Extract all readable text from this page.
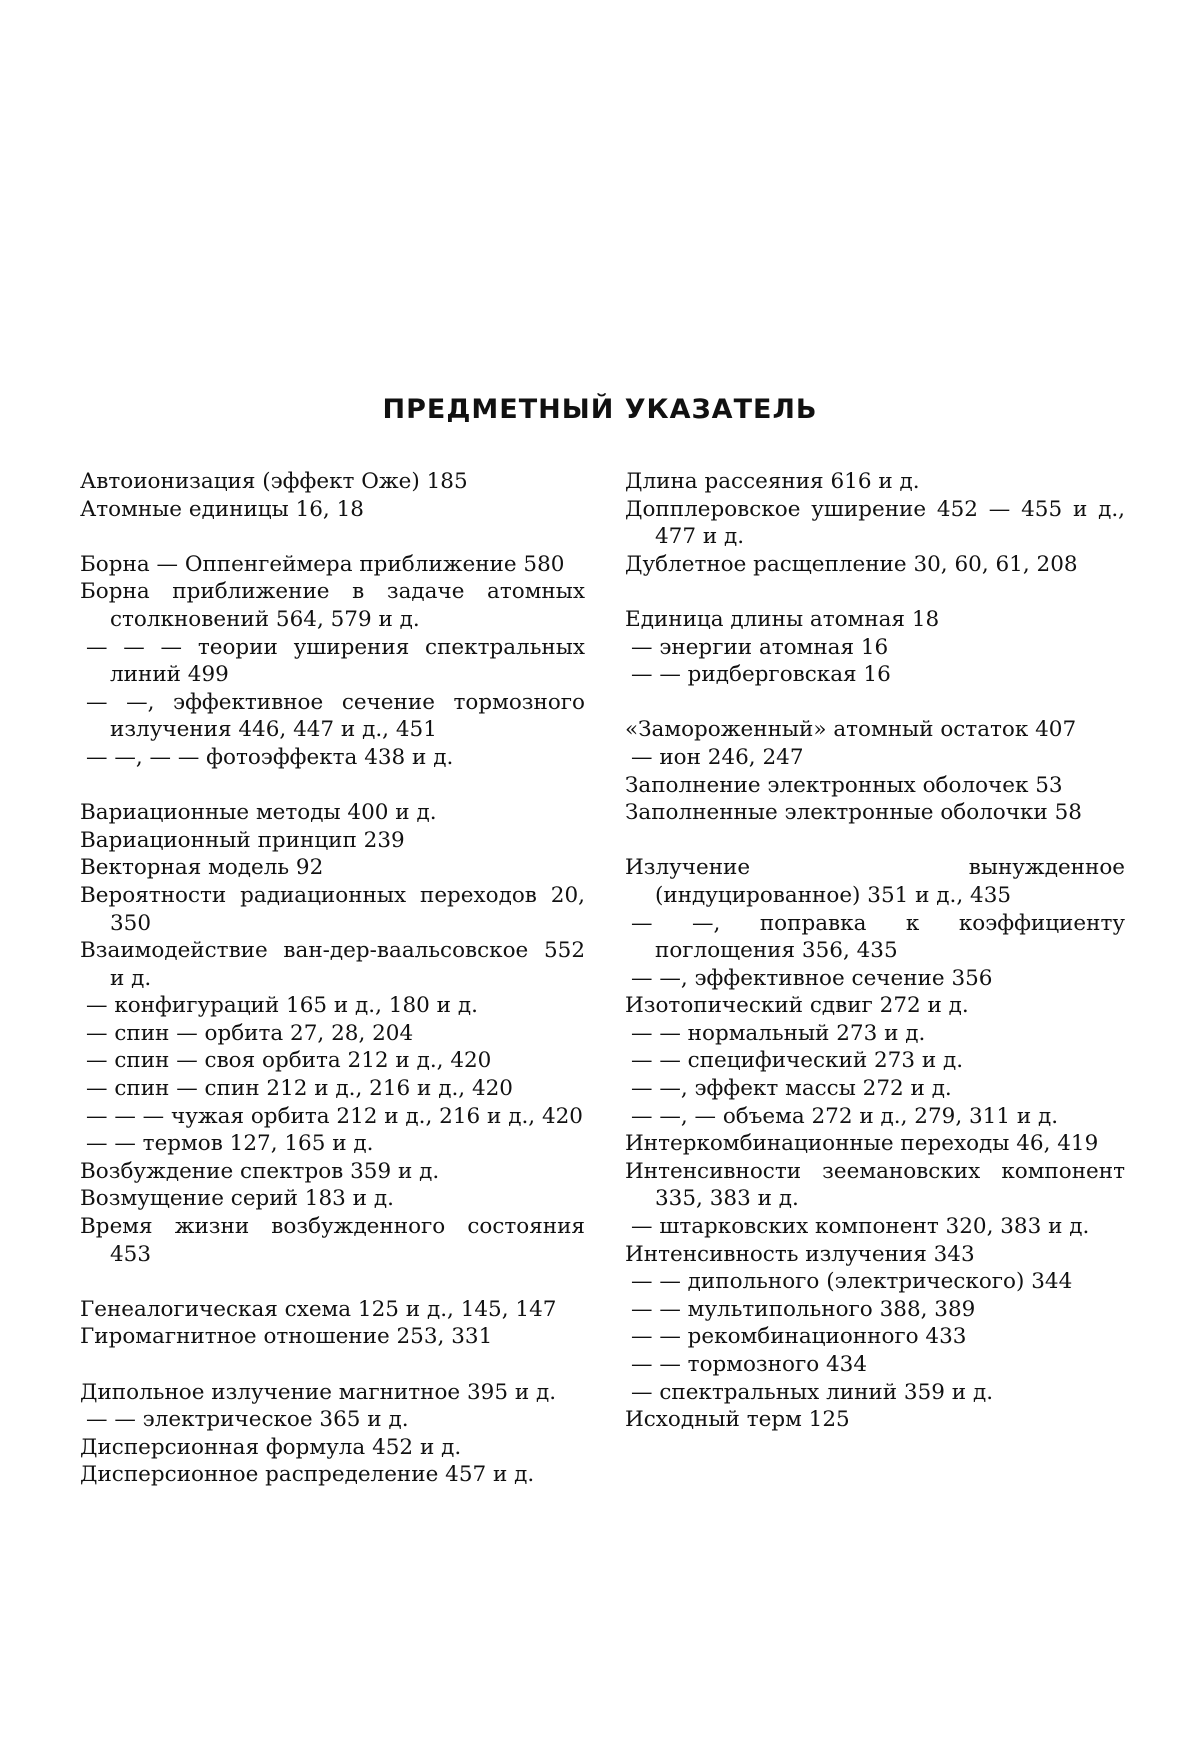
ПРЕДМЕТНЫЙ УКАЗАТЕЛЬ
Автоионизация (эффект Оже) 185
Атомные единицы 16, 18
Борна — Оппенгеймера приближение 580
Борна приближение в задаче атомных столкновений 564, 579 и д.
— — — теории уширения спектральных линий 499
— —, эффективное сечение тормозного излучения 446, 447 и д., 451
— —, — — фотоэффекта 438 и д.
Вариационные методы 400 и д.
Вариационный принцип 239
Векторная модель 92
Вероятности радиационных переходов 20, 350
Взаимодействие ван-дер-ваальсовское 552 и д.
— конфигураций 165 и д., 180 и д.
— спин — орбита 27, 28, 204
— спин — своя орбита 212 и д., 420
— спин — спин 212 и д., 216 и д., 420
— — — чужая орбита 212 и д., 216 и д., 420
— — термов 127, 165 и д.
Возбуждение спектров 359 и д.
Возмущение серий 183 и д.
Время жизни возбужденного состояния 453
Генеалогическая схема 125 и д., 145, 147
Гиромагнитное отношение 253, 331
Дипольное излучение магнитное 395 и д.
— — электрическое 365 и д.
Дисперсионная формула 452 и д.
Дисперсионное распределение 457 и д.
Длина рассеяния 616 и д.
Допплеровское уширение 452 — 455 и д., 477 и д.
Дублетное расщепление 30, 60, 61, 208
Единица длины атомная 18
— энергии атомная 16
— — ридберговская 16
«Замороженный» атомный остаток 407
— ион 246, 247
Заполнение электронных оболочек 53
Заполненные электронные оболочки 58
Излучение вынужденное (индуцированное) 351 и д., 435
— —, поправка к коэффициенту поглощения 356, 435
— —, эффективное сечение 356
Изотопический сдвиг 272 и д.
— — нормальный 273 и д.
— — специфический 273 и д.
— —, эффект массы 272 и д.
— —, — объема 272 и д., 279, 311 и д.
Интеркомбинационные переходы 46, 419
Интенсивности зеемановских компонент 335, 383 и д.
— штарковских компонент 320, 383 и д.
Интенсивность излучения 343
— — дипольного (электрического) 344
— — мультипольного 388, 389
— — рекомбинационного 433
— — тормозного 434
— спектральных линий 359 и д.
Исходный терм 125
